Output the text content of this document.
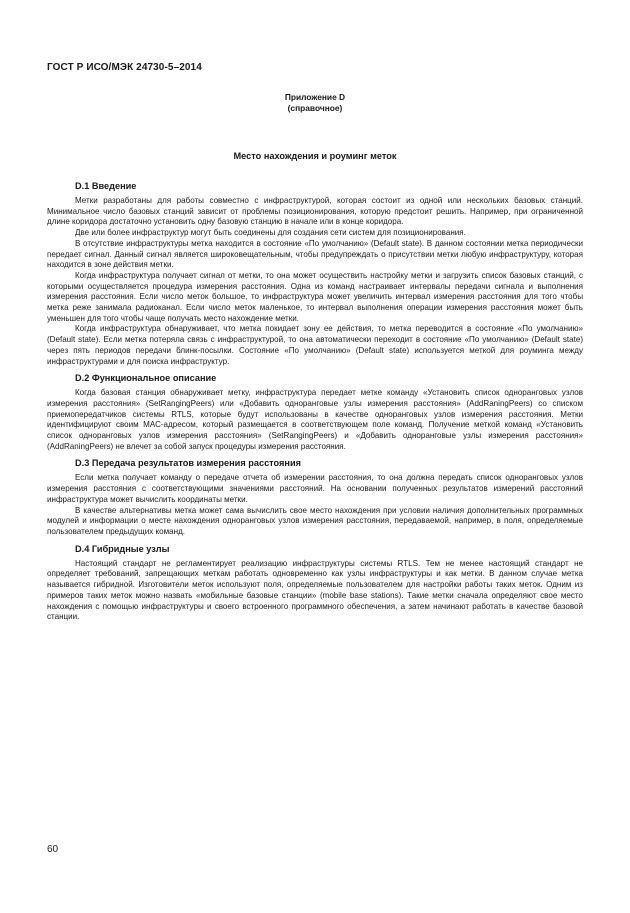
ГОСТ Р ИСО/МЭК 24730-5–2014
Приложение D
(справочное)
Место нахождения и роуминг меток
D.1 Введение

Метки разработаны для работы совместно с инфраструктурой, которая состоит из одной или нескольких базовых станций. Минимальное число базовых станций зависит от проблемы позиционирования, которую предстоит решить. Например, при ограниченной длине коридора достаточно установить одну базовую станцию в начале или в конце коридора.

Две или более инфраструктур могут быть соединены для создания сети систем для позиционирования.

В отсутствие инфраструктуры метка находится в состояние «По умолчанию» (Default state). В данном состоянии метка периодически передает сигнал. Данный сигнал является широковещательным, чтобы предупреждать о присутствии метки любую инфраструктуру, которая находится в зоне действия метки.

Когда инфраструктура получает сигнал от метки, то она может осуществить настройку метки и загрузить список базовых станций, с которыми осуществляется процедура измерения расстояния. Одна из команд настраивает интервалы передачи сигнала и выполнения измерения расстояния. Если число меток большое, то инфраструктура может увеличить интервал измерения расстояния для того чтобы метка реже занимала радиоканал. Если число меток маленькое, то интервал выполнения операции измерения расстояния может быть уменьшен для того чтобы чаще получать место нахождение метки.

Когда инфраструктура обнаруживает, что метка покидает зону ее действия, то метка переводится в состояние «По умолчанию» (Default state). Если метка потеряла связь с инфраструктурой, то она автоматически переходит в состояние «По умолчанию» (Default state) через пять периодов передачи блинк-посылки. Состояние «По умолчанию» (Default state) используется меткой для роуминга между инфраструктурами и для поиска инфраструктур.

D.2 Функциональное описание

Когда базовая станция обнаруживает метку, инфраструктура передает метке команду «Установить список одноранговых узлов измерения расстояния» (SetRangingPeers) или «Добавить одноранговые узлы измерения расстояния» (AddRaningPeers) со списком приемопередатчиков системы RTLS, которые будут использованы в качестве одноранговых узлов измерения расстояния. Метки идентифицируют своим МАС-адресом, который размещается в соответствующем поле команд. Получение меткой команд «Установить список одноранговых узлов измерения расстояния» (SetRangingPeers) и «Добавить одноранговые узлы измерения расстояния» (AddRaningPeers) не влечет за собой запуск процедуры измерения расстояния.

D.3 Передача результатов измерения расстояния

Если метка получает команду о передаче отчета об измерении расстояния, то она должна передать список одноранговых узлов измерения расстояния с соответствующими значениями расстояний. На основании полученных результатов измерений расстояний инфраструктура может вычислить координаты метки.

В качестве альтернативы метка может сама вычислить свое место нахождения при условии наличия дополнительных программных модулей и информации о месте нахождения одноранговых узлов измерения расстояния, передаваемой, например, в поля, определяемые пользователем предыдущих команд.

D.4 Гибридные узлы

Настоящий стандарт не регламентирует реализацию инфраструктуры системы RTLS. Тем не менее настоящий стандарт не определяет требований, запрещающих меткам работать одновременно как узлы инфраструктуры и как метки. В данном случае метка называется гибридной. Изготовители меток используют поля, определяемые пользователем для настройки работы таких меток. Одним из примеров таких меток можно назвать «мобильные базовые станции» (mobile base stations). Такие метки сначала определяют свое место нахождения с помощью инфраструктуры и своего встроенного программного обеспечения, а затем начинают работать в качестве базовой станции.

60
